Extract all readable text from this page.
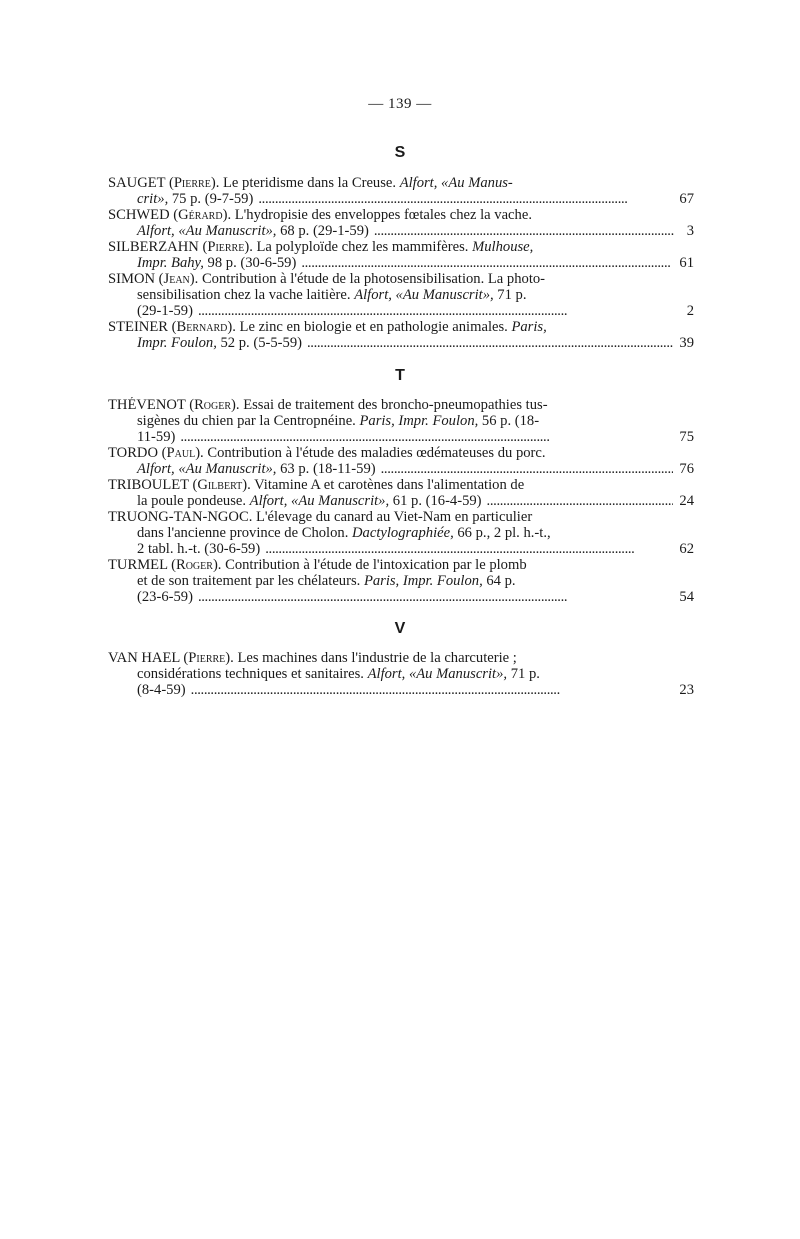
— 139 —
S
SAUGET (Pierre). Le pteridisme dans la Creuse. Alfort, «Au Manus-
crit», 75 p. (9-7-59) . . .	67
SCHWED (Gérard). L'hydropisie des enveloppes fœtales chez la vache.
Alfort, «Au Manuscrit», 68 p. (29-1-59) . . .	3
SILBERZAHN (Pierre). La polyploïde chez les mammifères. Mulhouse,
Impr. Bahy, 98 p. (30-6-59) . . .	61
SIMON (Jean). Contribution à l'étude de la photosensibilisation. La photo-
sensibilisation chez la vache laitière. Alfort, «Au Manuscrit», 71 p.
(29-1-59) . . .	2
STEINER (Bernard). Le zinc en biologie et en pathologie animales. Paris,
Impr. Foulon, 52 p. (5-5-59) . . .	39
T
THÉVENOT (Roger). Essai de traitement des broncho-pneumopathies tus-
sigènes du chien par la Centropnéine. Paris, Impr. Foulon, 56 p. (18-
11-59) . . .	75
TORDO (Paul). Contribution à l'étude des maladies œdémateuses du porc.
Alfort, «Au Manuscrit», 63 p. (18-11-59) . . .	76
TRIBOULET (Gilbert). Vitamine A et carotènes dans l'alimentation de
la poule pondeuse. Alfort, «Au Manuscrit», 61 p. (16-4-59) . . .	24
TRUONG-TAN-NGOC. L'élevage du canard au Viet-Nam en particulier
dans l'ancienne province de Cholon. Dactylographiée, 66 p., 2 pl. h.-t.,
2 tabl. h.-t. (30-6-59) . . .	62
TURMEL (Roger). Contribution à l'étude de l'intoxication par le plomb
et de son traitement par les chélateurs. Paris, Impr. Foulon, 64 p.
(23-6-59) . . .	54
V
VAN HAEL (Pierre). Les machines dans l'industrie de la charcuterie ;
considérations techniques et sanitaires. Alfort, «Au Manuscrit», 71 p.
(8-4-59) . . .	23
